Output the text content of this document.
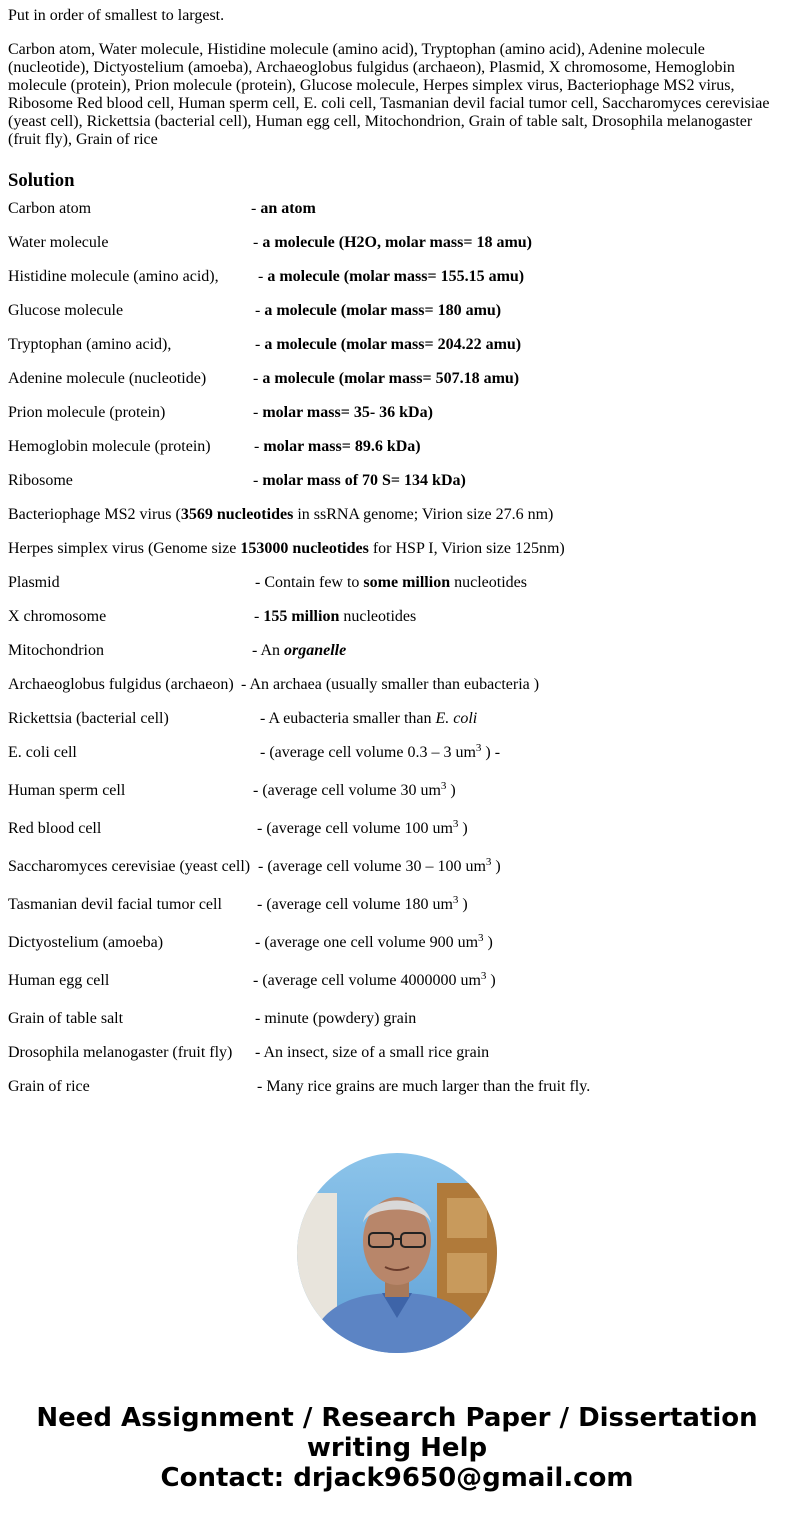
Put in order of smallest to largest.

Carbon atom, Water molecule, Histidine molecule (amino acid), Tryptophan (amino acid), Adenine molecule (nucleotide), Dictyostelium (amoeba), Archaeoglobus fulgidus (archaeon), Plasmid, X chromosome, Hemoglobin molecule (protein), Prion molecule (protein), Glucose molecule, Herpes simplex virus, Bacteriophage MS2 virus, Ribosome Red blood cell, Human sperm cell, E. coli cell, Tasmanian devil facial tumor cell, Saccharomyces cerevisiae (yeast cell), Rickettsia (bacterial cell), Human egg cell, Mitochondrion, Grain of table salt, Drosophila melanogaster (fruit fly), Grain of rice

Solution
Carbon atom	- an atom
Water molecule	- a molecule (H2O, molar mass= 18 amu)
Histidine molecule (amino acid), - a molecule (molar mass= 155.15 amu)
Glucose molecule	- a molecule (molar mass= 180 amu)
Tryptophan (amino acid),	- a molecule (molar mass= 204.22 amu)
Adenine molecule (nucleotide)	- a molecule (molar mass= 507.18 amu)
Prion molecule (protein)	- molar mass= 35- 36 kDa)
Hemoglobin molecule (protein)	- molar mass= 89.6 kDa)
Ribosome	- molar mass of 70 S= 134 kDa)
Bacteriophage MS2 virus (3569 nucleotides in ssRNA genome; Virion size 27.6 nm)
Herpes simplex virus (Genome size 153000 nucleotides for HSP I, Virion size 125nm)
Plasmid	- Contain few to some million nucleotides
X chromosome	- 155 million nucleotides
Mitochondrion	- An organelle
Archaeoglobus fulgidus (archaeon) - An archaea (usually smaller than eubacteria )
Rickettsia (bacterial cell)	- A eubacteria smaller than E. coli
E. coli cell	- (average cell volume 0.3 – 3 $um^3$ ) -
Human sperm cell	- (average cell volume 30 $um^3$ )
Red blood cell	- (average cell volume 100 $um^3$ )
Saccharomyces cerevisiae (yeast cell) - (average cell volume 30 – 100 $um^3$ )
Tasmanian devil facial tumor cell - (average cell volume 180 $um^3$ )
Dictyostelium (amoeba)	- (average one cell volume 900 $um^3$ )
Human egg cell	- (average cell volume 4000000 $um^3$ )
Grain of table salt	- minute (powdery) grain
Drosophila melanogaster (fruit fly) - An insect, size of a small rice grain
Grain of rice	- Many rice grains are much larger than the fruit fly.
Need Assignment / Research Paper / Dissertation
writing Help
Contact: drjack9650@gmail.com
